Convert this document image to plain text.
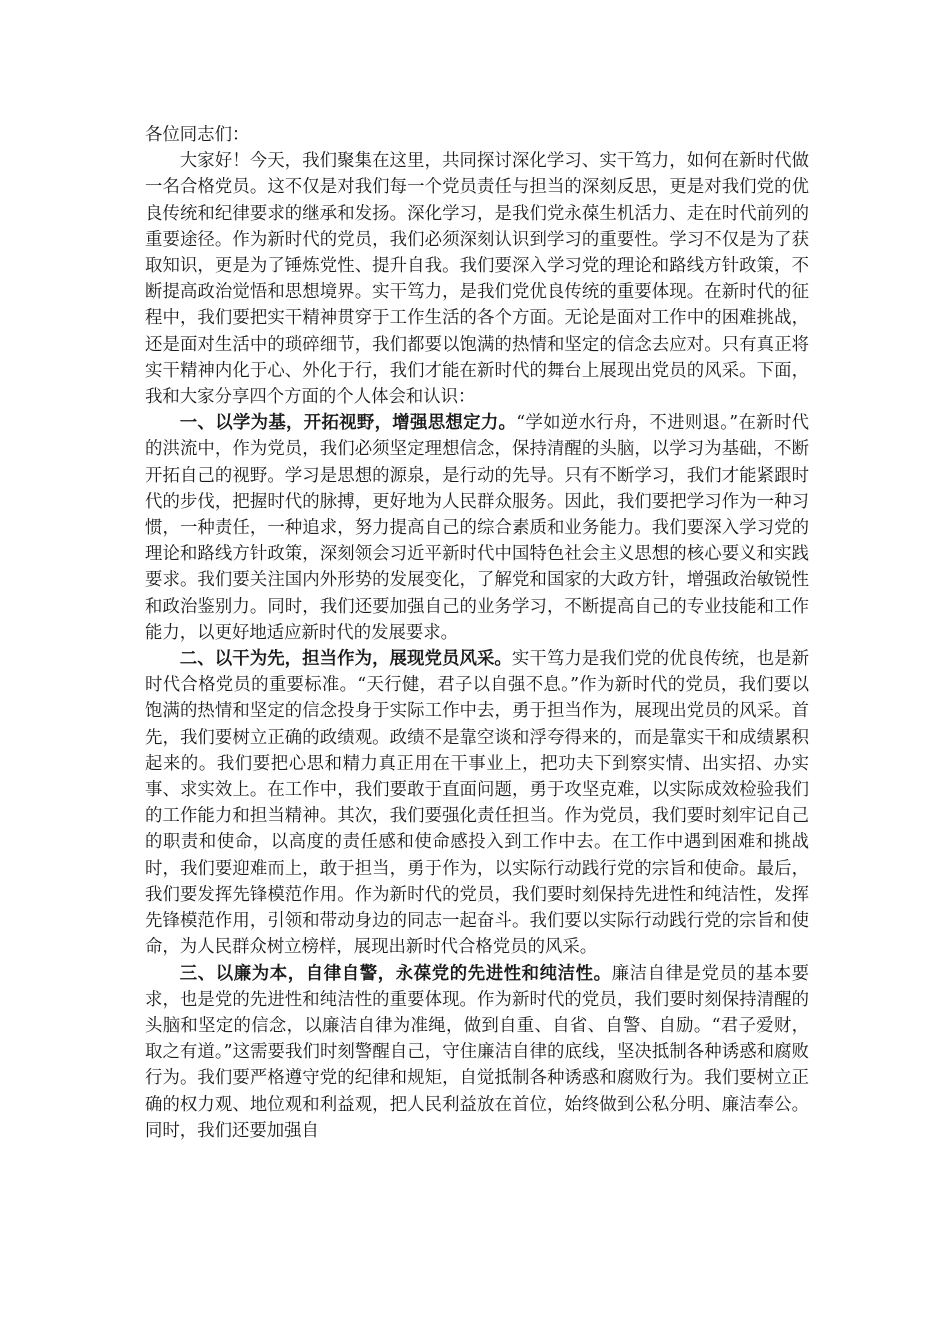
各位同志们：

大家好！今天，我们聚集在这里，共同探讨深化学习、实干笃力，如何在新时代做一名合格党员。这不仅是对我们每一个党员责任与担当的深刻反思，更是对我们党的优良传统和纪律要求的继承和发扬。深化学习，是我们党永葆生机活力、走在时代前列的重要途径。作为新时代的党员，我们必须深刻认识到学习的重要性。学习不仅是为了获取知识，更是为了锤炼党性、提升自我。我们要深入学习党的理论和路线方针政策，不断提高政治觉悟和思想境界。实干笃力，是我们党优良传统的重要体现。在新时代的征程中，我们要把实干精神贯穿于工作生活的各个方面。无论是面对工作中的困难挑战，还是面对生活中的琐碎细节，我们都要以饱满的热情和坚定的信念去应对。只有真正将实干精神内化于心、外化于行，我们才能在新时代的舞台上展现出党员的风采。下面，我和大家分享四个方面的个人体会和认识：

一、以学为基，开拓视野，增强思想定力。“学如逆水行舟，不进则退。”在新时代的洪流中，作为党员，我们必须坚定理想信念，保持清醒的头脑，以学习为基础，不断开拓自己的视野。学习是思想的源泉，是行动的先导。只有不断学习，我们才能紧跟时代的步伐，把握时代的脉搏，更好地为人民群众服务。因此，我们要把学习作为一种习惯，一种责任，一种追求，努力提高自己的综合素质和业务能力。我们要深入学习党的理论和路线方针政策，深刻领会习近平新时代中国特色社会主义思想的核心要义和实践要求。我们要关注国内外形势的发展变化，了解党和国家的大政方针，增强政治敏锐性和政治鉴别力。同时，我们还要加强自己的业务学习，不断提高自己的专业技能和工作能力，以更好地适应新时代的发展要求。

二、以干为先，担当作为，展现党员风采。实干笃力是我们党的优良传统，也是新时代合格党员的重要标准。“天行健，君子以自强不息。”作为新时代的党员，我们要以饱满的热情和坚定的信念投身于实际工作中去，勇于担当作为，展现出党员的风采。首先，我们要树立正确的政绩观。政绩不是靠空谈和浮夸得来的，而是靠实干和成绩累积起来的。我们要把心思和精力真正用在干事业上，把功夫下到察实情、出实招、办实事、求实效上。在工作中，我们要敢于直面问题，勇于攻坚克难，以实际成效检验我们的工作能力和担当精神。其次，我们要强化责任担当。作为党员，我们要时刻牢记自己的职责和使命，以高度的责任感和使命感投入到工作中去。在工作中遇到困难和挑战时，我们要迎难而上，敢于担当，勇于作为，以实际行动践行党的宗旨和使命。最后，我们要发挥先锋模范作用。作为新时代的党员，我们要时刻保持先进性和纯洁性，发挥先锋模范作用，引领和带动身边的同志一起奋斗。我们要以实际行动践行党的宗旨和使命，为人民群众树立榜样，展现出新时代合格党员的风采。

三、以廉为本，自律自警，永葆党的先进性和纯洁性。廉洁自律是党员的基本要求，也是党的先进性和纯洁性的重要体现。作为新时代的党员，我们要时刻保持清醒的头脑和坚定的信念，以廉洁自律为准绳，做到自重、自省、自警、自励。“君子爱财，取之有道。”这需要我们时刻警醒自己，守住廉洁自律的底线，坚决抵制各种诱惑和腐败行为。我们要严格遵守党的纪律和规矩，自觉抵制各种诱惑和腐败行为。我们要树立正确的权力观、地位观和利益观，把人民利益放在首位，始终做到公私分明、廉洁奉公。同时，我们还要加强自
